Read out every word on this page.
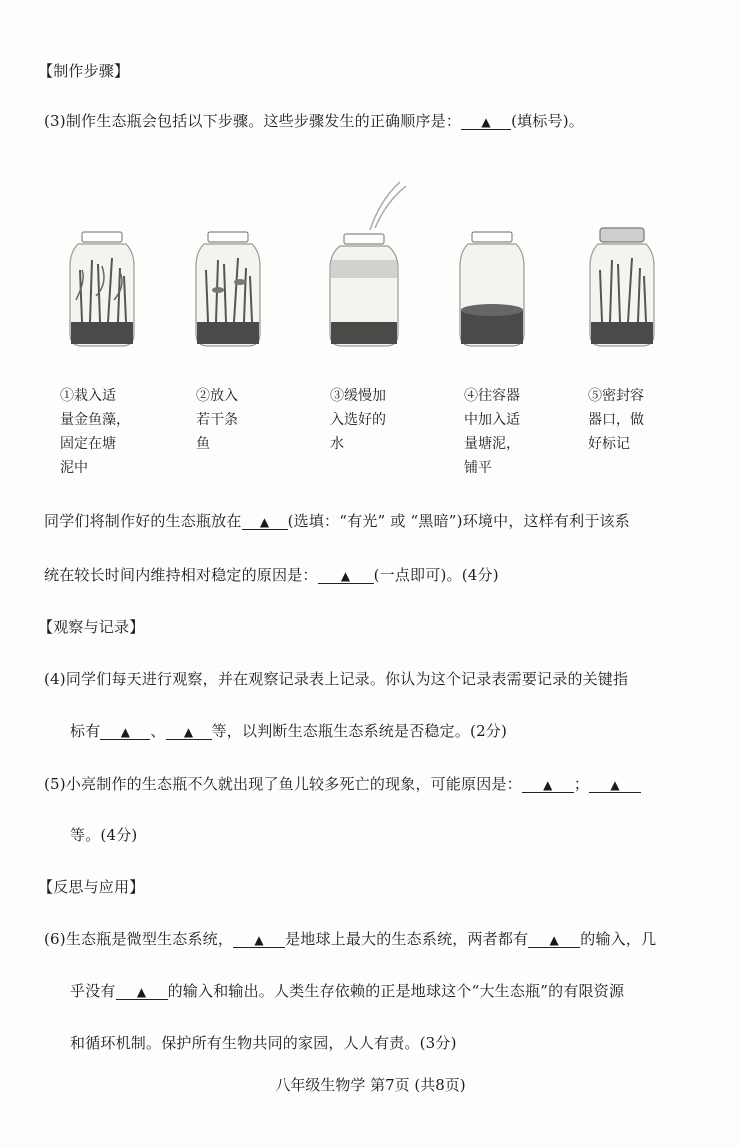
【制作步骤】
(3)制作生态瓶会包括以下步骤。这些步骤发生的正确顺序是： ▲ (填标号)。
①栽入适
量金鱼藻，
固定在塘
泥中
②放入
若干条
鱼
③缓慢加
入选好的
水
④往容器
中加入适
量塘泥，
铺平
⑤密封容
器口，做
好标记
同学们将制作好的生态瓶放在 ▲ (选填：“有光” 或 “黑暗”)环境中，这样有利于该系
统在较长时间内维持相对稳定的原因是： ▲ (一点即可)。(4分)
【观察与记录】
(4)同学们每天进行观察，并在观察记录表上记录。你认为这个记录表需要记录的关键指
标有 ▲ 、 ▲ 等，以判断生态瓶生态系统是否稳定。(2分)
(5)小亮制作的生态瓶不久就出现了鱼儿较多死亡的现象，可能原因是： ▲ ； ▲
等。(4分)
【反思与应用】
(6)生态瓶是微型生态系统， ▲ 是地球上最大的生态系统，两者都有 ▲ 的输入，几
乎没有 ▲ 的输入和输出。人类生存依赖的正是地球这个“大生态瓶”的有限资源
和循环机制。保护所有生物共同的家园，人人有责。(3分)
八年级生物学 第7页 (共8页)
